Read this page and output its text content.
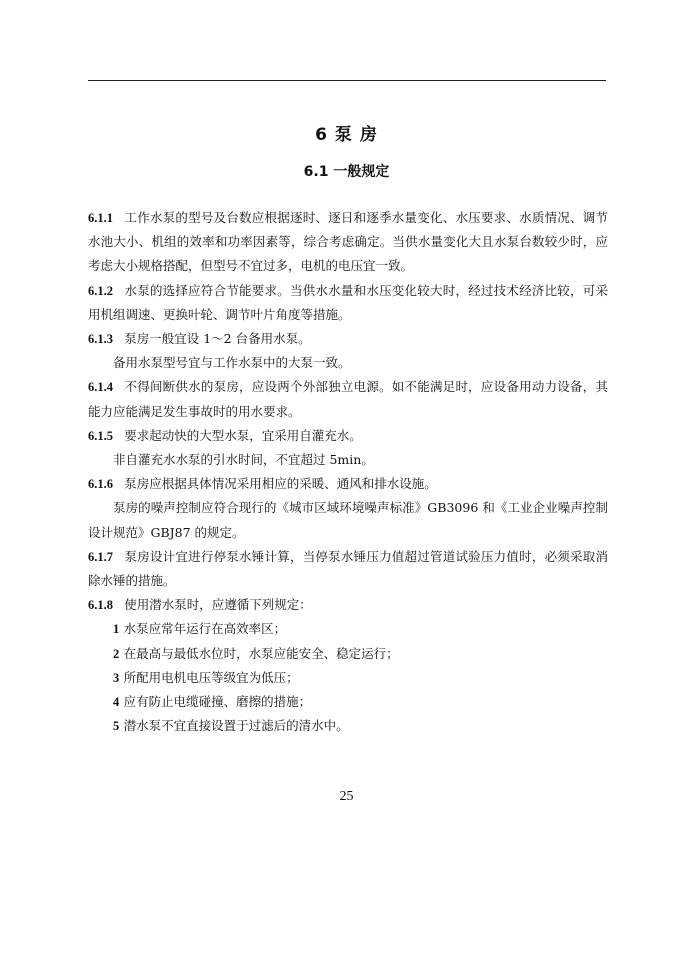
6 泵 房
6.1 一般规定

6.1.1 工作水泵的型号及台数应根据逐时、逐日和逐季水量变化、水压要求、水质情况、调节水池大小、机组的效率和功率因素等，综合考虑确定。当供水量变化大且水泵台数较少时，应考虑大小规格搭配，但型号不宜过多，电机的电压宜一致。

6.1.2 水泵的选择应符合节能要求。当供水水量和水压变化较大时，经过技术经济比较，可采用机组调速、更换叶轮、调节叶片角度等措施。

6.1.3 泵房一般宜设 1～2 台备用水泵。

备用水泵型号宜与工作水泵中的大泵一致。

6.1.4 不得间断供水的泵房，应设两个外部独立电源。如不能满足时，应设备用动力设备，其能力应能满足发生事故时的用水要求。

6.1.5 要求起动快的大型水泵，宜采用自灌充水。

非自灌充水水泵的引水时间，不宜超过 5min。

6.1.6 泵房应根据具体情况采用相应的采暖、通风和排水设施。

泵房的噪声控制应符合现行的《城市区域环境噪声标准》GB3096 和《工业企业噪声控制设计规范》GBJ87 的规定。

6.1.7 泵房设计宜进行停泵水锤计算，当停泵水锤压力值超过管道试验压力值时，必须采取消除水锤的措施。

6.1.8 使用潜水泵时，应遵循下列规定：

1 水泵应常年运行在高效率区；

2 在最高与最低水位时，水泵应能安全、稳定运行；

3 所配用电机电压等级宜为低压；

4 应有防止电缆碰撞、磨擦的措施；

5 潜水泵不宜直接设置于过滤后的清水中。

25
